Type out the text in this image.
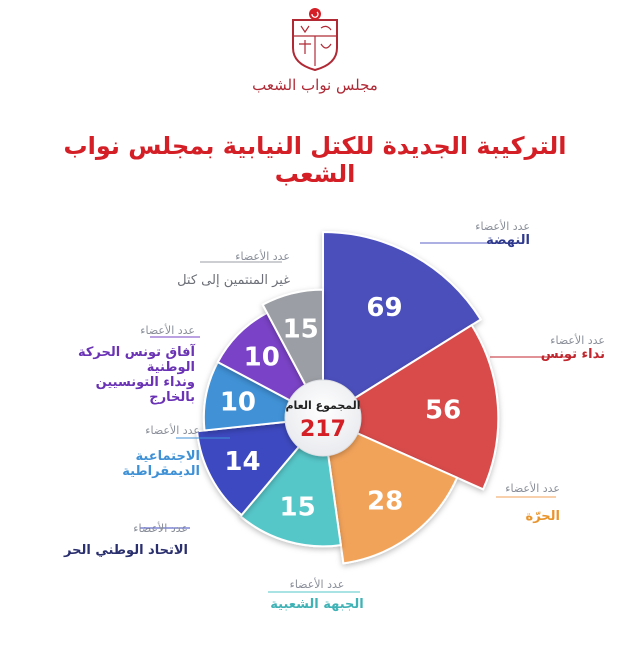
مجلس نواب الشعب
التركيبة الجديدة للكتل النيابية بمجلس نواب الشعب
69
56
28
15
14
10
10
15
المجموع العام
217
عدد الأعضاء
النهضة
عدد الأعضاء
نداء تونس
عدد الأعضاء
الحرّة
عدد الأعضاء
الجبهة الشعبية
عدد الأعضاء
الاتحاد الوطني الحر
عدد الأعضاء
الاجتماعية الديمقراطية
عدد الأعضاء
آفاق تونس الحركة الوطنية
ونداء التونسيين بالخارج
عدد الأعضاء
غير المنتمين إلى كتل
